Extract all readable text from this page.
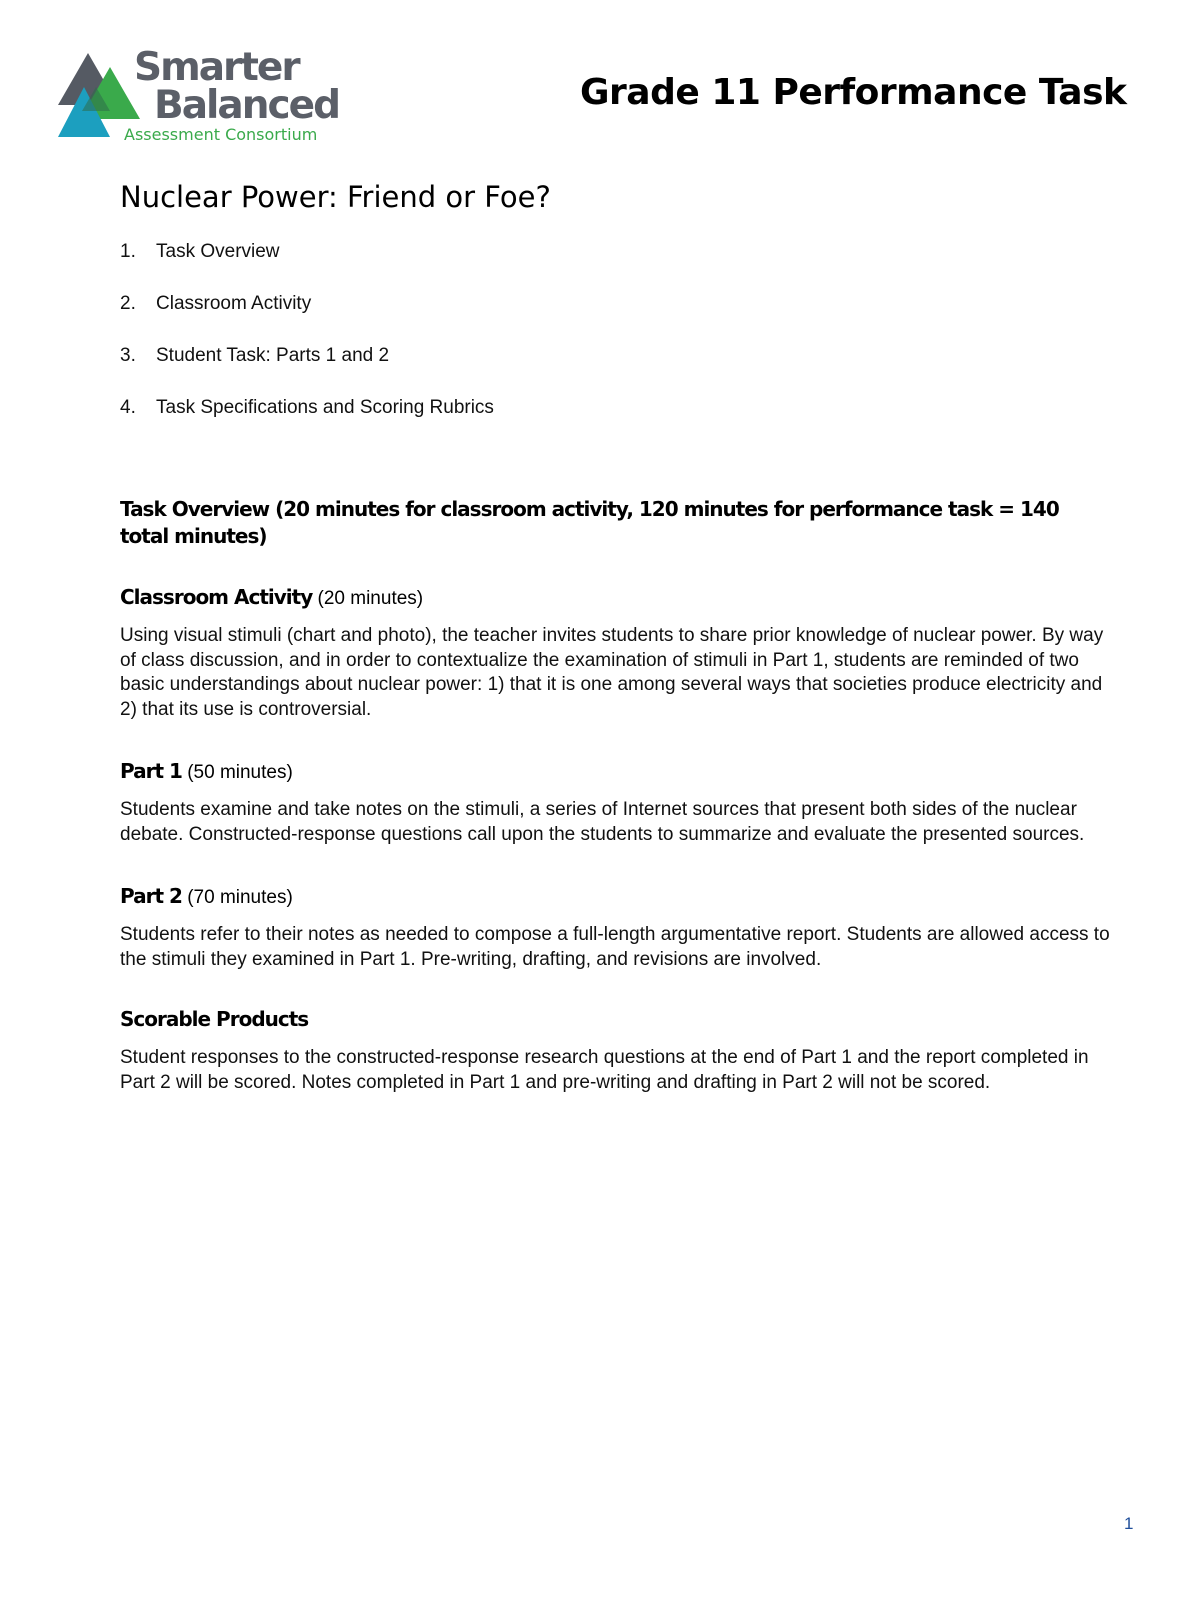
Smarter
Balanced
Assessment Consortium
Grade 11 Performance Task
Nuclear Power: Friend or Foe?
1.	Task Overview
2.	Classroom Activity
3.	Student Task: Parts 1 and 2
4.	Task Specifications and Scoring Rubrics
Task Overview (20 minutes for classroom activity, 120 minutes for performance task = 140 total minutes)
Classroom Activity (20 minutes)

Using visual stimuli (chart and photo), the teacher invites students to share prior knowledge of nuclear power. By way of class discussion, and in order to contextualize the examination of stimuli in Part 1, students are reminded of two basic understandings about nuclear power: 1) that it is one among several ways that societies produce electricity and 2) that its use is controversial.

Part 1 (50 minutes)

Students examine and take notes on the stimuli, a series of Internet sources that present both sides of the nuclear debate. Constructed-response questions call upon the students to summarize and evaluate the presented sources.

Part 2 (70 minutes)

Students refer to their notes as needed to compose a full-length argumentative report. Students are allowed access to the stimuli they examined in Part 1. Pre-writing, drafting, and revisions are involved.

Scorable Products

Student responses to the constructed-response research questions at the end of Part 1 and the report completed in Part 2 will be scored. Notes completed in Part 1 and pre-writing and drafting in Part 2 will not be scored.

1
